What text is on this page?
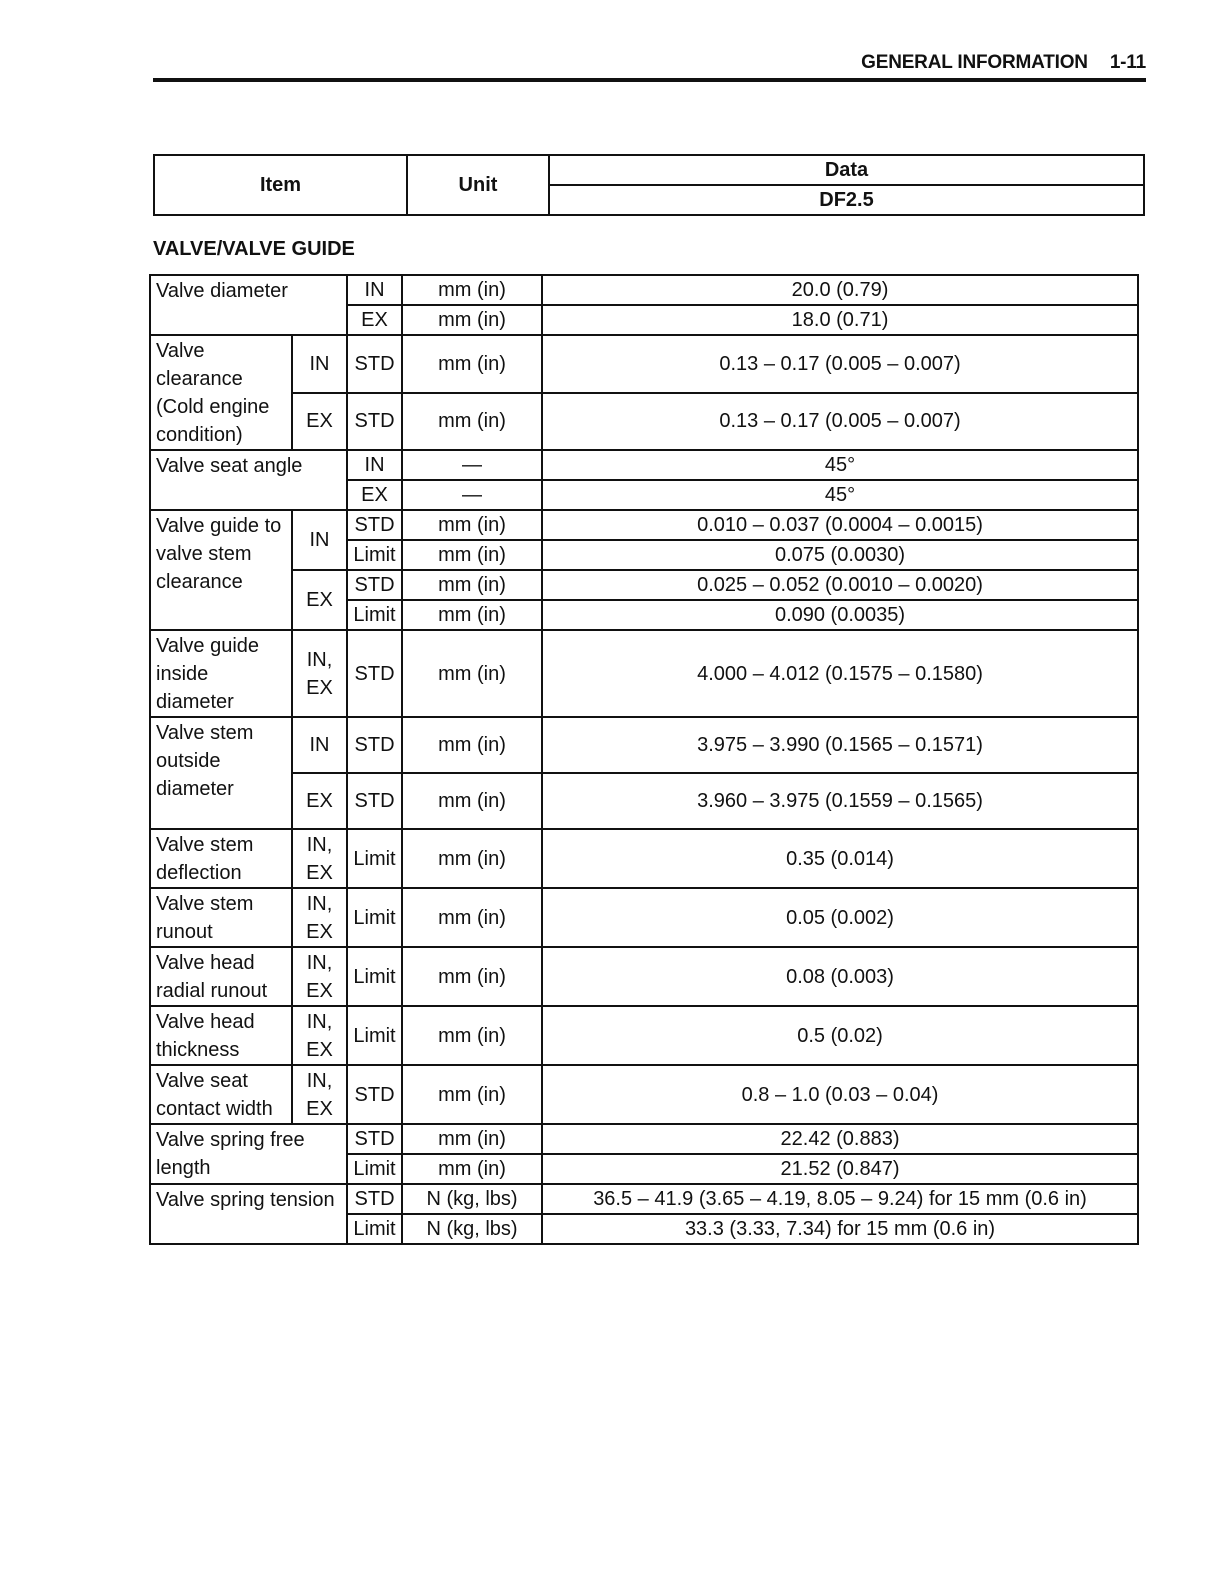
GENERAL INFORMATION 1-11
Item	Unit	Data
DF2.5
VALVE/VALVE GUIDE
Valve diameter		IN	mm (in)	20.0 (0.79)
		EX	mm (in)	18.0 (0.71)
Valve clearance (Cold engine condition)	IN	STD	mm (in)	0.13 – 0.17 (0.005 – 0.007)
	EX	STD	mm (in)	0.13 – 0.17 (0.005 – 0.007)
Valve seat angle		IN	—	45°
		EX	—	45°
Valve guide to valve stem clearance	IN	STD	mm (in)	0.010 – 0.037 (0.0004 – 0.0015)
		Limit	mm (in)	0.075 (0.0030)
	EX	STD	mm (in)	0.025 – 0.052 (0.0010 – 0.0020)
		Limit	mm (in)	0.090 (0.0035)
Valve guide inside diameter	IN, EX	STD	mm (in)	4.000 – 4.012 (0.1575 – 0.1580)
Valve stem outside diameter	IN	STD	mm (in)	3.975 – 3.990 (0.1565 – 0.1571)
	EX	STD	mm (in)	3.960 – 3.975 (0.1559 – 0.1565)
Valve stem deflection	IN, EX	Limit	mm (in)	0.35 (0.014)
Valve stem runout	IN, EX	Limit	mm (in)	0.05 (0.002)
Valve head radial runout	IN, EX	Limit	mm (in)	0.08 (0.003)
Valve head thickness	IN, EX	Limit	mm (in)	0.5 (0.02)
Valve seat contact width	IN, EX	STD	mm (in)	0.8 – 1.0 (0.03 – 0.04)
Valve spring free length		STD	mm (in)	22.42 (0.883)
		Limit	mm (in)	21.52 (0.847)
Valve spring tension		STD	N (kg, lbs)	36.5 – 41.9 (3.65 – 4.19, 8.05 – 9.24) for 15 mm (0.6 in)
		Limit	N (kg, lbs)	33.3 (3.33, 7.34) for 15 mm (0.6 in)
